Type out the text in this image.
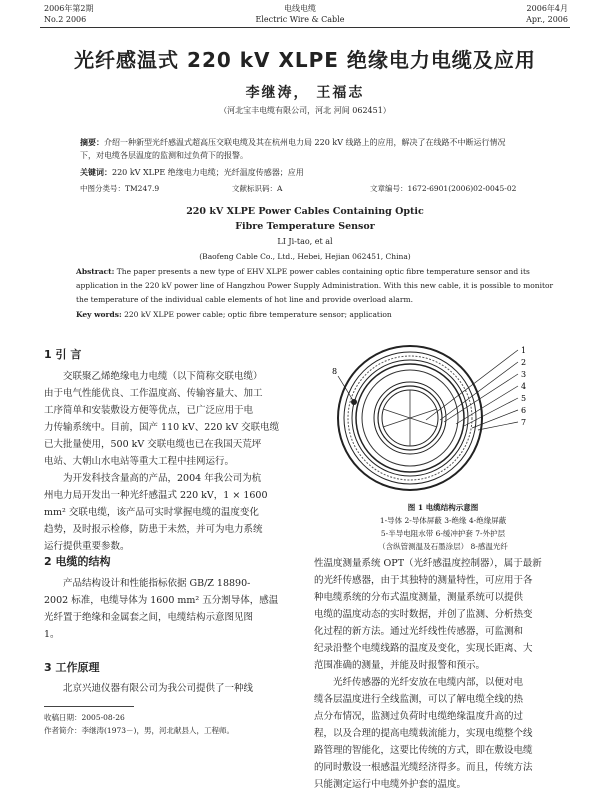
2006年第2期
No.2 2006
电线电缆
Electric Wire & Cable
2006年4月
Apr., 2006
光纤感温式 220 kV XLPE 绝缘电力电缆及应用
李继涛， 王福志
（河北宝丰电缆有限公司，河北 河间 062451）
摘要：介绍一种新型光纤感温式超高压交联电缆及其在杭州电力局 220 kV 线路上的应用，解决了在线路不中断运行情况下，对电缆各层温度的监测和过负荷下的报警。
关键词：220 kV XLPE 绝缘电力电缆；光纤温度传感器；应用
中图分类号：TM247.9	文献标识码：A	文章编号：1672-6901(2006)02-0045-02
220 kV XLPE Power Cables Containing Optic
Fibre Temperature Sensor
LI Ji-tao, et al
(Baofeng Cable Co., Ltd., Hebei, Hejian 062451, China)
Abstract: The paper presents a new type of EHV XLPE power cables containing optic fibre temperature sensor and its
application in the 220 kV power line of Hangzhou Power Supply Administration. With this new cable, it is possible to monitor
the temperature of the individual cable elements of hot line and provide overload alarm.
Key words: 220 kV XLPE power cable; optic fibre temperature sensor; application
1 引 言
交联聚乙烯绝缘电力电缆（以下简称交联电缆）
由于电气性能优良、工作温度高、传输容量大、加工
工序简单和安装敷设方便等优点，已广泛应用于电
力传输系统中。目前，国产 110 kV、220 kV 交联电缆
已大批量使用，500 kV 交联电缆也已在我国天荒坪
电站、大朝山水电站等重大工程中挂网运行。
为开发科技含量高的产品，2004 年我公司为杭
州电力局开发出一种光纤感温式 220 kV，1 × 1600
mm² 交联电缆，该产品可实时掌握电缆的温度变化
趋势，及时报示检修，防患于未然，并可为电力系统
运行提供重要参数。
2 电缆的结构
产品结构设计和性能指标依据 GB/Z 18890-
2002 标准，电缆导体为 1600 mm² 五分割导体，感温
光纤置于绝缘和金属套之间，电缆结构示意图见图
1。
3 工作原理
北京兴迪仪器有限公司为我公司提供了一种线
收稿日期：2005-08-26
作者简介：李继涛(1973－)，男，河北献县人，工程师。
1
2
3
4
5
6
7
8
图 1 电缆结构示意图
1-导体 2-导体屏蔽 3-绝缘 4-绝缘屏蔽
5-半导电阻水带 6-缓冲护套 7-外护层
（含纵管测温及石墨涂层） 8-感温光纤
性温度测量系统 OPT（光纤感温度控制器），属于最新
的光纤传感器，由于其独特的测量特性，可应用于各
种电缆系统的分布式温度测量，测量系统可以提供
电缆的温度动态的实时数据，并创了监测、分析热变
化过程的新方法。通过光纤线性传感器，可监测和
纪录沿整个电缆线路的温度及变化，实现长距离、大
范围准确的测量，并能及时报警和预示。
光纤传感器的光纤安放在电缆内部，以便对电
缆各层温度进行全线监测，可以了解电缆全线的热
点分布情况，监测过负荷时电缆绝缘温度升高的过
程，以及合理的提高电缆载流能力，实现电缆整个线
路管理的智能化，这要比传统的方式，即在敷设电缆
的同时敷设一根感温光缆经济得多。而且，传统方法
只能测定运行中电缆外护套的温度。
